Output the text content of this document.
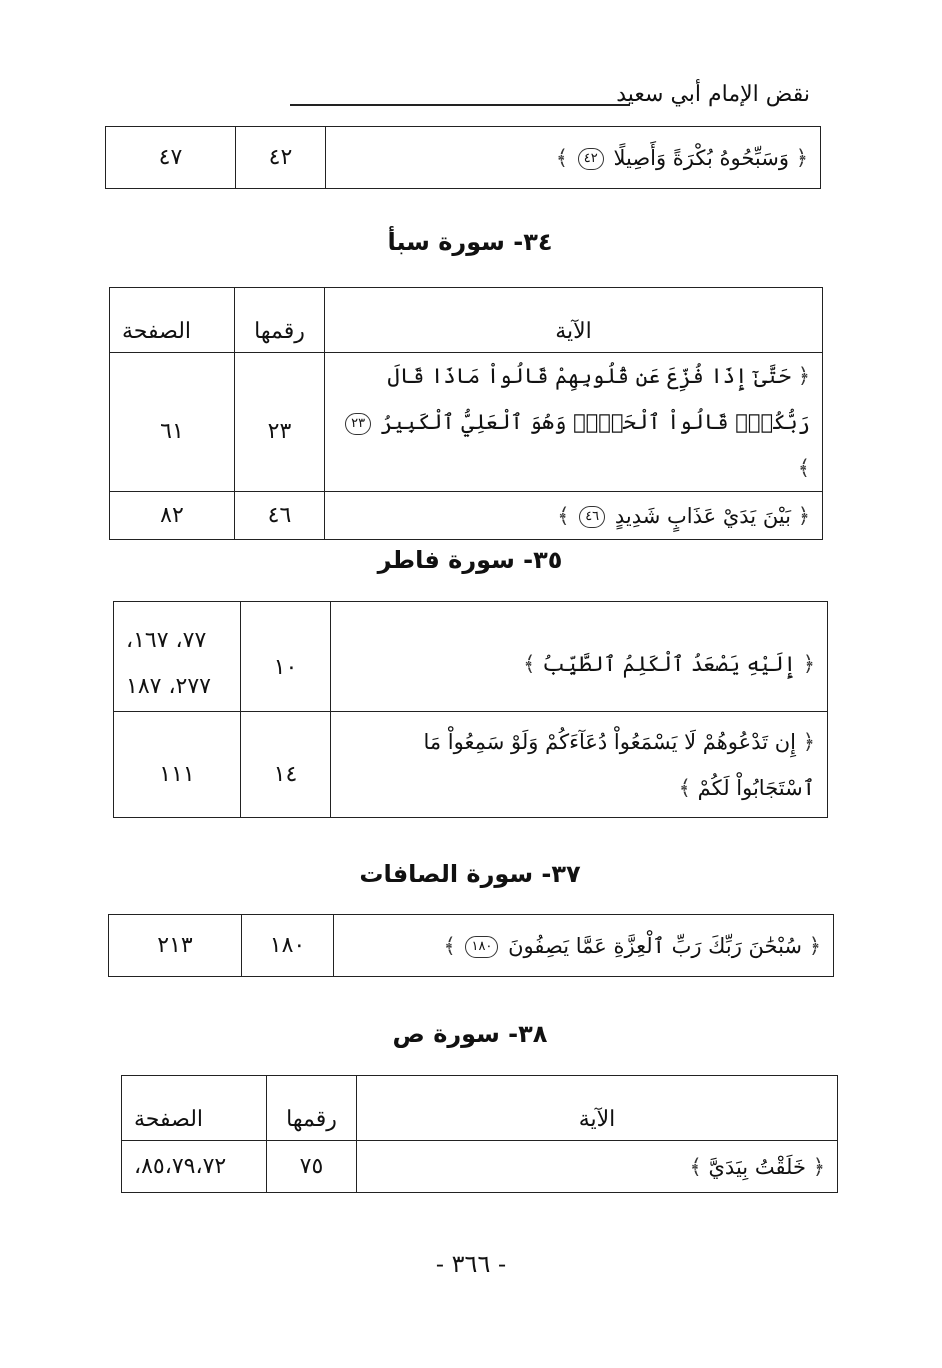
نقض الإمام أبي سعيد
﴿ وَسَبِّحُوهُ بُكْرَةً وَأَصِيلًا ٤٢ ﴾	٤٢	٤٧
٣٤- سورة سبأ
الآية	رقمها	الصفحة
﴿ حَتَّىٰٓ إِذَا فُزِّعَ عَن قُلُوبِهِمْ قَالُواْ مَاذَا قَالَ رَبُّكُمْۖ قَالُواْ ٱلْحَقَّۖ وَهُوَ ٱلْعَلِيُّ ٱلْكَبِيرُ ٢٣ ﴾	٢٣	٦١
﴿ بَيْنَ يَدَيْ عَذَابٍ شَدِيدٍ ٤٦ ﴾	٤٦	٨٢
٣٥- سورة فاطر
﴿ إِلَيْهِ يَصْعَدُ ٱلْكَلِمُ ٱلطَّيِّبُ ﴾	١٠	٧٧، ١٦٧،
٢٧٧، ١٨٧

﴿ إِن تَدْعُوهُمْ لَا يَسْمَعُواْ دُعَآءَكُمْ وَلَوْ سَمِعُواْ مَا ٱسْتَجَابُواْ لَكُمْ ﴾	١٤	١١١
٣٧- سورة الصافات
﴿ سُبْحَٰنَ رَبِّكَ رَبِّ ٱلْعِزَّةِ عَمَّا يَصِفُونَ ١٨٠ ﴾	١٨٠	٢١٣
٣٨- سورة ص
الآية	رقمها	الصفحة
﴿ خَلَقْتُ بِيَدَيَّ ﴾	٧٥	٨٥،٧٩،٧٢،
- ٣٦٦ -
